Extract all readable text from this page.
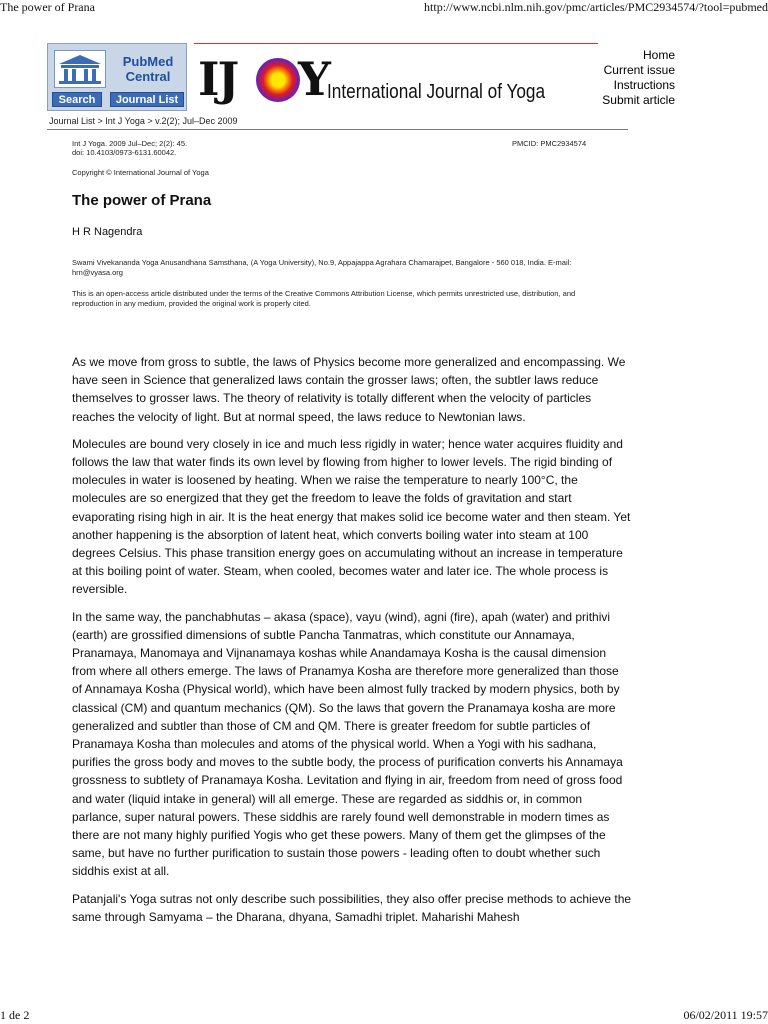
The power of Prana	http://www.ncbi.nlm.nih.gov/pmc/articles/PMC2934574/?tool=pubmed
PubMed
Central
Search	Journal List IJ Y
International Journal of Yoga
Home
Current issue
Instructions
Submit article
Journal List > Int J Yoga > v.2(2); Jul–Dec 2009
Int J Yoga. 2009 Jul–Dec; 2(2): 45.
doi: 10.4103/0973-6131.60042.
PMCID: PMC2934574
Copyright © International Journal of Yoga
The power of Prana
H R Nagendra
Swami Vivekananda Yoga Anusandhana Samsthana, (A Yoga University), No.9, Appajappa Agrahara Chamarajpet, Bangalore - 560 018, India. E-mail: hrn@vyasa.org
This is an open-access article distributed under the terms of the Creative Commons Attribution License, which permits unrestricted use, distribution, and reproduction in any medium, provided the original work is properly cited.

As we move from gross to subtle, the laws of Physics become more generalized and encompassing. We have seen in Science that generalized laws contain the grosser laws; often, the subtler laws reduce themselves to grosser laws. The theory of relativity is totally different when the velocity of particles reaches the velocity of light. But at normal speed, the laws reduce to Newtonian laws.

Molecules are bound very closely in ice and much less rigidly in water; hence water acquires fluidity and follows the law that water finds its own level by flowing from higher to lower levels. The rigid binding of molecules in water is loosened by heating. When we raise the temperature to nearly 100°C, the molecules are so energized that they get the freedom to leave the folds of gravitation and start evaporating rising high in air. It is the heat energy that makes solid ice become water and then steam. Yet another happening is the absorption of latent heat, which converts boiling water into steam at 100 degrees Celsius. This phase transition energy goes on accumulating without an increase in temperature at this boiling point of water. Steam, when cooled, becomes water and later ice. The whole process is reversible.

In the same way, the panchabhutas – akasa (space), vayu (wind), agni (fire), apah (water) and prithivi (earth) are grossified dimensions of subtle Pancha Tanmatras, which constitute our Annamaya, Pranamaya, Manomaya and Vijnanamaya koshas while Anandamaya Kosha is the causal dimension from where all others emerge. The laws of Pranamya Kosha are therefore more generalized than those of Annamaya Kosha (Physical world), which have been almost fully tracked by modern physics, both by classical (CM) and quantum mechanics (QM). So the laws that govern the Pranamaya kosha are more generalized and subtler than those of CM and QM. There is greater freedom for subtle particles of Pranamaya Kosha than molecules and atoms of the physical world. When a Yogi with his sadhana, purifies the gross body and moves to the subtle body, the process of purification converts his Annamaya grossness to subtlety of Pranamaya Kosha. Levitation and flying in air, freedom from need of gross food and water (liquid intake in general) will all emerge. These are regarded as siddhis or, in common parlance, super natural powers. These siddhis are rarely found well demonstrable in modern times as there are not many highly purified Yogis who get these powers. Many of them get the glimpses of the same, but have no further purification to sustain those powers - leading often to doubt whether such siddhis exist at all.

Patanjali's Yoga sutras not only describe such possibilities, they also offer precise methods to achieve the same through Samyama – the Dharana, dhyana, Samadhi triplet. Maharishi Mahesh

1 de 2	06/02/2011 19:57
